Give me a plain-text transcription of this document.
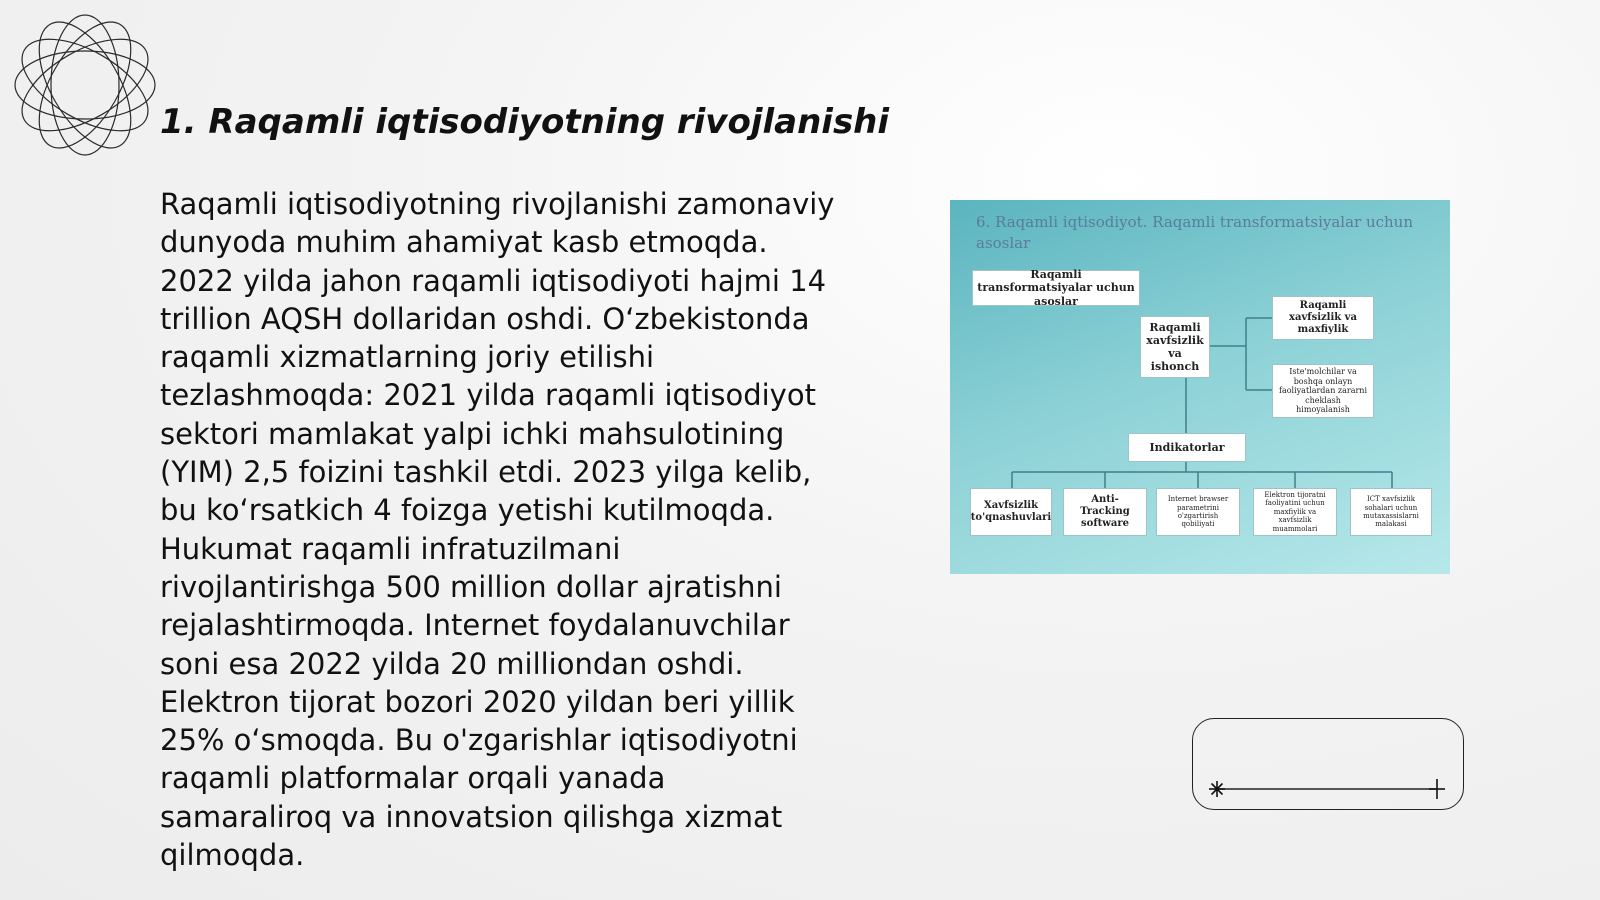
1. Raqamli iqtisodiyotning rivojlanishi

Raqamli iqtisodiyotning rivojlanishi zamonaviy dunyoda muhim ahamiyat kasb etmoqda. 2022 yilda jahon raqamli iqtisodiyoti hajmi 14 trillion AQSH dollaridan oshdi. O‘zbekistonda raqamli xizmatlarning joriy etilishi tezlashmoqda: 2021 yilda raqamli iqtisodiyot sektori mamlakat yalpi ichki mahsulotining (YIM) 2,5 foizini tashkil etdi. 2023 yilga kelib, bu ko‘rsatkich 4 foizga yetishi kutilmoqda. Hukumat raqamli infratuzilmani rivojlantirishga 500 million dollar ajratishni rejalashtirmoqda. Internet foydalanuvchilar soni esa 2022 yilda 20 milliondan oshdi. Elektron tijorat bozori 2020 yildan beri yillik 25% o‘smoqda. Bu o'zgarishlar iqtisodiyotni raqamli platformalar orqali yanada samaraliroq va innovatsion qilishga xizmat qilmoqda.

6. Raqamli iqtisodiyot. Raqamli transformatsiyalar uchun asoslar
Raqamli transformatsiyalar uchun asoslar
Raqamli xavfsizlik va ishonch
Raqamli xavfsizlik va maxfiylik
Iste'molchilar va boshqa onlayn faoliyatlardan zararni cheklash himoyalanish
Indikatorlar
Xavfsizlik to'qnashuvlari
Anti-Tracking software
Internet brawser parametrini o'zgartirish qobiliyati
Elektron tijoratni faoliyatini uchun maxfiylik va xavfsizlik muammolari
ICT xavfsizlik sohalari uchun mutaxassislarni malakasi
